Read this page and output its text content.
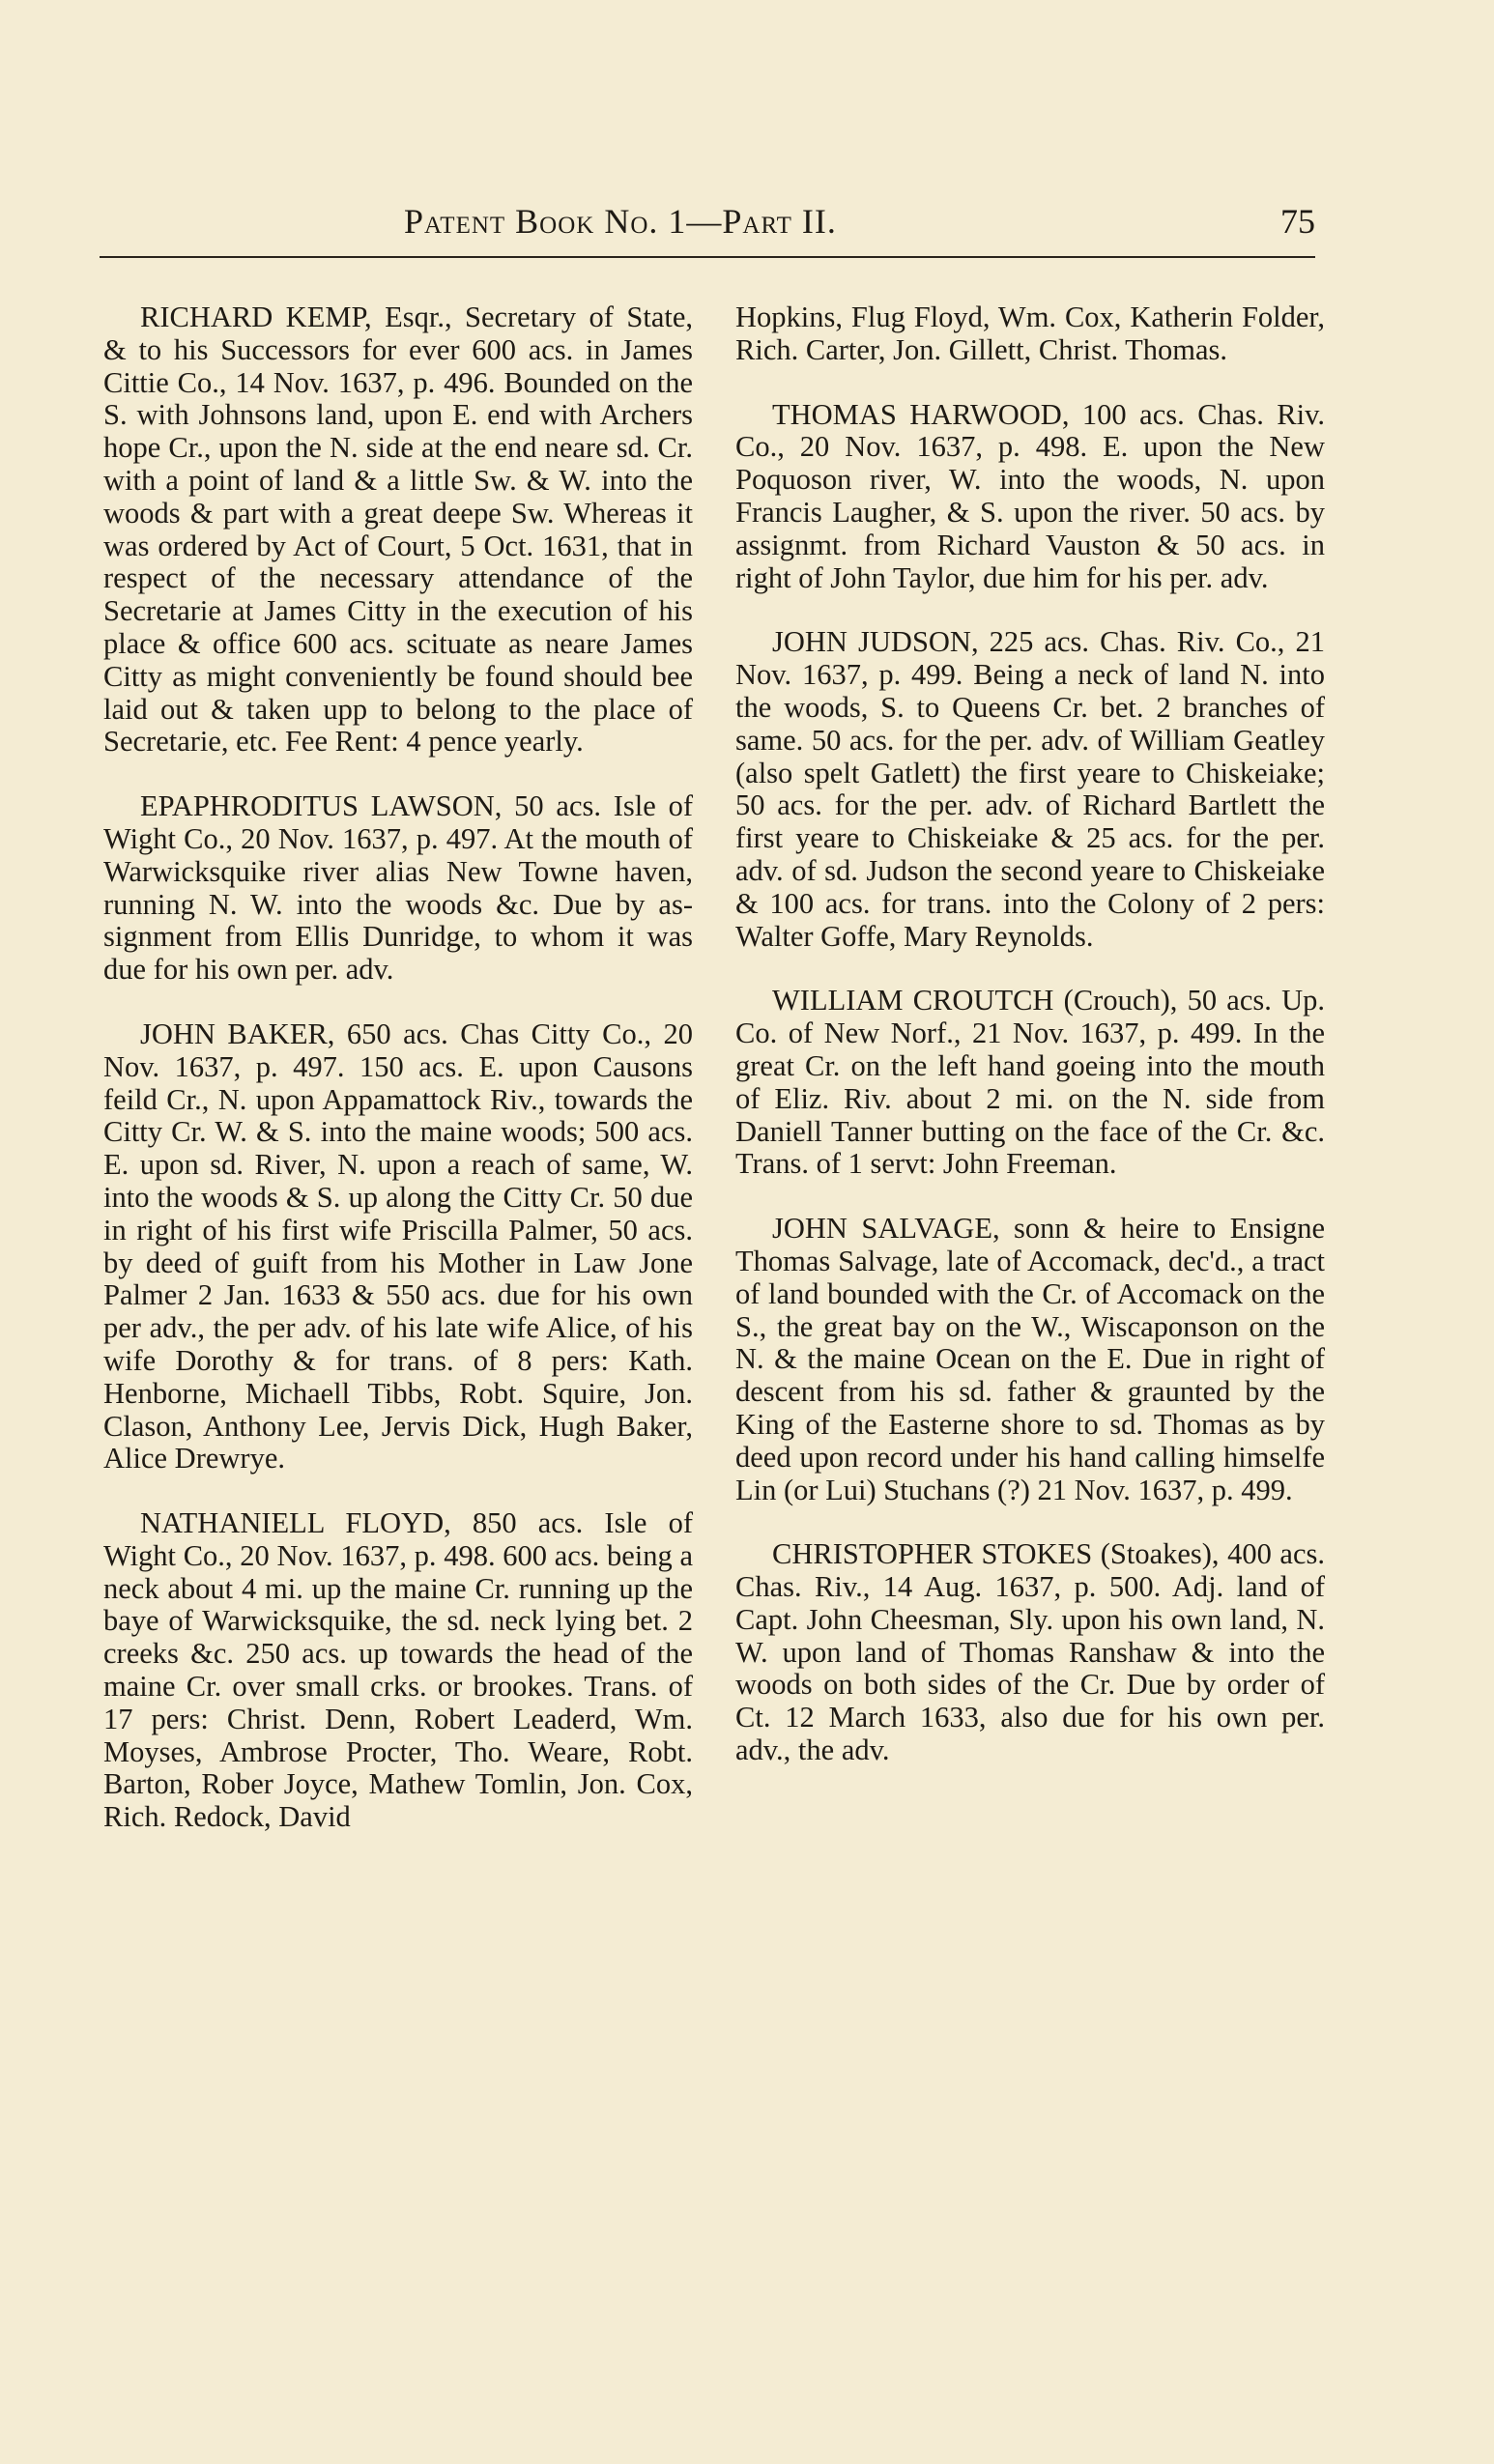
Patent Book No. 1—Part II.	75

RICHARD KEMP, Esqr., Secretary of State, & to his Successors for ever 600 acs. in James Cittie Co., 14 Nov. 1637, p. 496. Bounded on the S. with Johnsons land, upon E. end with Archers hope Cr., upon the N. side at the end neare sd. Cr. with a point of land & a little Sw. & W. into the woods & part with a great deepe Sw. Whereas it was ordered by Act of Court, 5 Oct. 1631, that in respect of the necessary attendance of the Secretarie at James Citty in the execution of his place & office 600 acs. scituate as neare James Citty as might conveniently be found should bee laid out & taken upp to belong to the place of Secretarie, etc. Fee Rent: 4 pence yearly.

EPAPHRODITUS LAWSON, 50 acs. Isle of Wight Co., 20 Nov. 1637, p. 497. At the mouth of Warwicksquike river alias New Towne haven, running N. W. into the woods &c. Due by assignment from Ellis Dunridge, to whom it was due for his own per. adv.

JOHN BAKER, 650 acs. Chas Citty Co., 20 Nov. 1637, p. 497. 150 acs. E. upon Causons feild Cr., N. upon Appamattock Riv., towards the Citty Cr. W. & S. into the maine woods; 500 acs. E. upon sd. River, N. upon a reach of same, W. into the woods & S. up along the Citty Cr. 50 due in right of his first wife Priscilla Palmer, 50 acs. by deed of guift from his Mother in Law Jone Palmer 2 Jan. 1633 & 550 acs. due for his own per adv., the per adv. of his late wife Alice, of his wife Dorothy & for trans. of 8 pers: Kath. Henborne, Michaell Tibbs, Robt. Squire, Jon. Clason, Anthony Lee, Jervis Dick, Hugh Baker, Alice Drewrye.

NATHANIELL FLOYD, 850 acs. Isle of Wight Co., 20 Nov. 1637, p. 498. 600 acs. being a neck about 4 mi. up the maine Cr. running up the baye of Warwicksquike, the sd. neck lying bet. 2 creeks &c. 250 acs. up towards the head of the maine Cr. over small crks. or brookes. Trans. of 17 pers: Christ. Denn, Robert Leaderd, Wm. Moyses, Ambrose Procter, Tho. Weare, Robt. Barton, Rober Joyce, Mathew Tomlin, Jon. Cox, Rich. Redock, David

Hopkins, Flug Floyd, Wm. Cox, Katherin Folder, Rich. Carter, Jon. Gillett, Christ. Thomas.

THOMAS HARWOOD, 100 acs. Chas. Riv. Co., 20 Nov. 1637, p. 498. E. upon the New Poquoson river, W. into the woods, N. upon Francis Laugher, & S. upon the river. 50 acs. by assignmt. from Richard Vauston & 50 acs. in right of John Taylor, due him for his per. adv.

JOHN JUDSON, 225 acs. Chas. Riv. Co., 21 Nov. 1637, p. 499. Being a neck of land N. into the woods, S. to Queens Cr. bet. 2 branches of same. 50 acs. for the per. adv. of William Geatley (also spelt Gatlett) the first yeare to Chiskeiake; 50 acs. for the per. adv. of Richard Bartlett the first yeare to Chiskeiake & 25 acs. for the per. adv. of sd. Judson the second yeare to Chiskeiake & 100 acs. for trans. into the Colony of 2 pers: Walter Goffe, Mary Reynolds.

WILLIAM CROUTCH (Crouch), 50 acs. Up. Co. of New Norf., 21 Nov. 1637, p. 499. In the great Cr. on the left hand goeing into the mouth of Eliz. Riv. about 2 mi. on the N. side from Daniell Tanner butting on the face of the Cr. &c. Trans. of 1 servt: John Freeman.

JOHN SALVAGE, sonn & heire to Ensigne Thomas Salvage, late of Accomack, dec'd., a tract of land bounded with the Cr. of Accomack on the S., the great bay on the W., Wiscaponson on the N. & the maine Ocean on the E. Due in right of descent from his sd. father & graunted by the King of the Easterne shore to sd. Thomas as by deed upon record under his hand calling himselfe Lin (or Lui) Stuchans (?) 21 Nov. 1637, p. 499.

CHRISTOPHER STOKES (Stoakes), 400 acs. Chas. Riv., 14 Aug. 1637, p. 500. Adj. land of Capt. John Cheesman, Sly. upon his own land, N. W. upon land of Thomas Ranshaw & into the woods on both sides of the Cr. Due by order of Ct. 12 March 1633, also due for his own per. adv., the adv.
